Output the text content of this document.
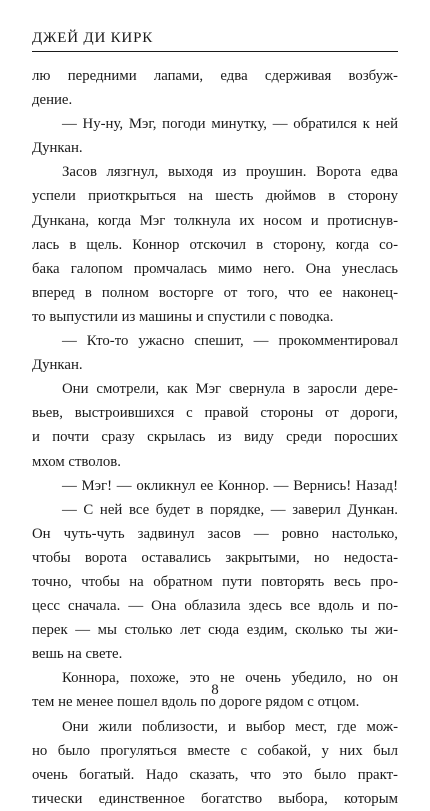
ДЖЕЙ ДИ КИРК
лю передними лапами, едва сдерживая возбуж-
дение.
— Ну-ну, Мэг, погоди минутку, — обратился к ней
Дункан.
Засов лязгнул, выходя из проушин. Ворота едва
успели приоткрыться на шесть дюймов в сторону
Дункана, когда Мэг толкнула их носом и протиснув-
лась в щель. Коннор отскочил в сторону, когда со-
бака галопом промчалась мимо него. Она унеслась
вперед в полном восторге от того, что ее наконец-
то выпустили из машины и спустили с поводка.
— Кто-то ужасно спешит, — прокомментировал
Дункан.
Они смотрели, как Мэг свернула в заросли дере-
вьев, выстроившихся с правой стороны от дороги,
и почти сразу скрылась из виду среди поросших
мхом стволов.
— Мэг! — окликнул ее Коннор. — Вернись! Назад!
— С ней все будет в порядке, — заверил Дункан.
Он чуть-чуть задвинул засов — ровно настолько,
чтобы ворота оставались закрытыми, но недоста-
точно, чтобы на обратном пути повторять весь про-
цесс сначала. — Она облазила здесь все вдоль и по-
перек — мы столько лет сюда ездим, сколько ты жи-
вешь на свете.
Коннора, похоже, это не очень убедило, но он
тем не менее пошел вдоль по дороге рядом с отцом.
Они жили поблизости, и выбор мест, где мож-
но было прогуляться вместе с собакой, у них был
очень богатый. Надо сказать, что это было практ-
тически единственное богатство выбора, которым
8
